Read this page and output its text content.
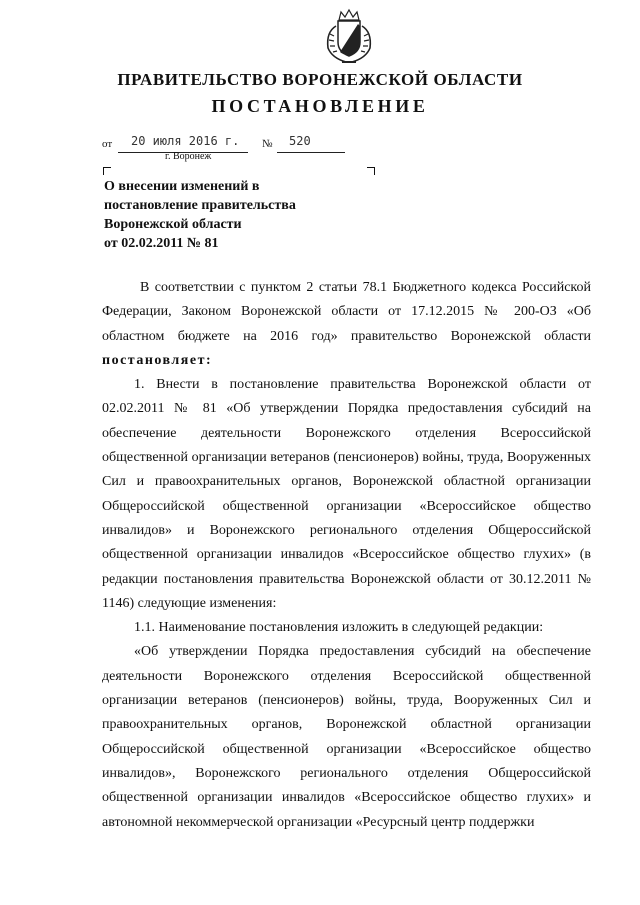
ПРАВИТЕЛЬСТВО ВОРОНЕЖСКОЙ ОБЛАСТИ
ПОСТАНОВЛЕНИЕ
от 20 июля 2016 г. № 520
г. Воронеж
О внесении изменений в
постановление правительства
Воронежской области
от 02.02.2011 № 81

В соответствии с пунктом 2 статьи 78.1 Бюджетного кодекса Российской Федерации, Законом Воронежской области от 17.12.2015 № 200-ОЗ «Об областном бюджете на 2016 год» правительство Воронежской области постановляет:

1. Внести в постановление правительства Воронежской области от 02.02.2011 № 81 «Об утверждении Порядка предоставления субсидий на обеспечение деятельности Воронежского отделения Всероссийской общественной организации ветеранов (пенсионеров) войны, труда, Вооруженных Сил и правоохранительных органов, Воронежской областной организации Общероссийской общественной организации «Всероссийское общество инвалидов» и Воронежского регионального отделения Общероссийской общественной организации инвалидов «Всероссийское общество глухих» (в редакции постановления правительства Воронежской области от 30.12.2011 № 1146) следующие изменения:

1.1. Наименование постановления изложить в следующей редакции:

«Об утверждении Порядка предоставления субсидий на обеспечение деятельности Воронежского отделения Всероссийской общественной организации ветеранов (пенсионеров) войны, труда, Вооруженных Сил и правоохранительных органов, Воронежской областной организации Общероссийской общественной организации «Всероссийское общество инвалидов», Воронежского регионального отделения Общероссийской общественной организации инвалидов «Всероссийское общество глухих» и автономной некоммерческой организации «Ресурсный центр поддержки
